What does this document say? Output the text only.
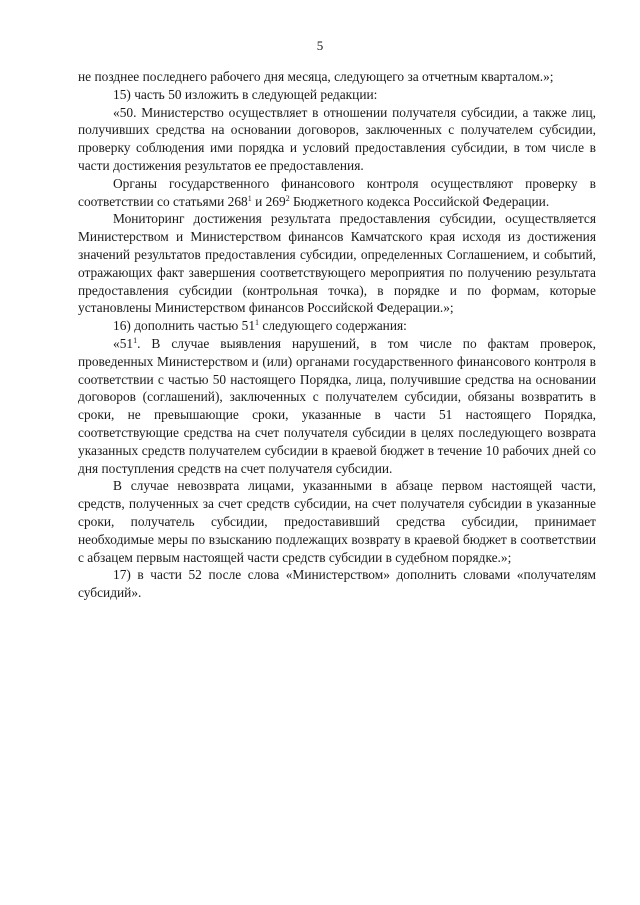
5

не позднее последнего рабочего дня месяца, следующего за отчетным кварталом.»;

15) часть 50 изложить в следующей редакции:

«50. Министерство осуществляет в отношении получателя субсидии, а также лиц, получивших средства на основании договоров, заключенных с получателем субсидии, проверку соблюдения ими порядка и условий предоставления субсидии, в том числе в части достижения результатов ее предоставления.

Органы государственного финансового контроля осуществляют проверку в соответствии со статьями $268^1$ и $269^2$ Бюджетного кодекса Российской Федерации.

Мониторинг достижения результата предоставления субсидии, осуществляется Министерством и Министерством финансов Камчатского края исходя из достижения значений результатов предоставления субсидии, определенных Соглашением, и событий, отражающих факт завершения соответствующего мероприятия по получению результата предоставления субсидии (контрольная точка), в порядке и по формам, которые установлены Министерством финансов Российской Федерации.»;

16) дополнить частью $51^1$ следующего содержания:

«$51^1$. В случае выявления нарушений, в том числе по фактам проверок, проведенных Министерством и (или) органами государственного финансового контроля в соответствии с частью 50 настоящего Порядка, лица, получившие средства на основании договоров (соглашений), заключенных с получателем субсидии, обязаны возвратить в сроки, не превышающие сроки, указанные в части 51 настоящего Порядка, соответствующие средства на счет получателя субсидии в целях последующего возврата указанных средств получателем субсидии в краевой бюджет в течение 10 рабочих дней со дня поступления средств на счет получателя субсидии.

В случае невозврата лицами, указанными в абзаце первом настоящей части, средств, полученных за счет средств субсидии, на счет получателя субсидии в указанные сроки, получатель субсидии, предоставивший средства субсидии, принимает необходимые меры по взысканию подлежащих возврату в краевой бюджет в соответствии с абзацем первым настоящей части средств субсидии в судебном порядке.»;

17) в части 52 после слова «Министерством» дополнить словами «получателям субсидий».
